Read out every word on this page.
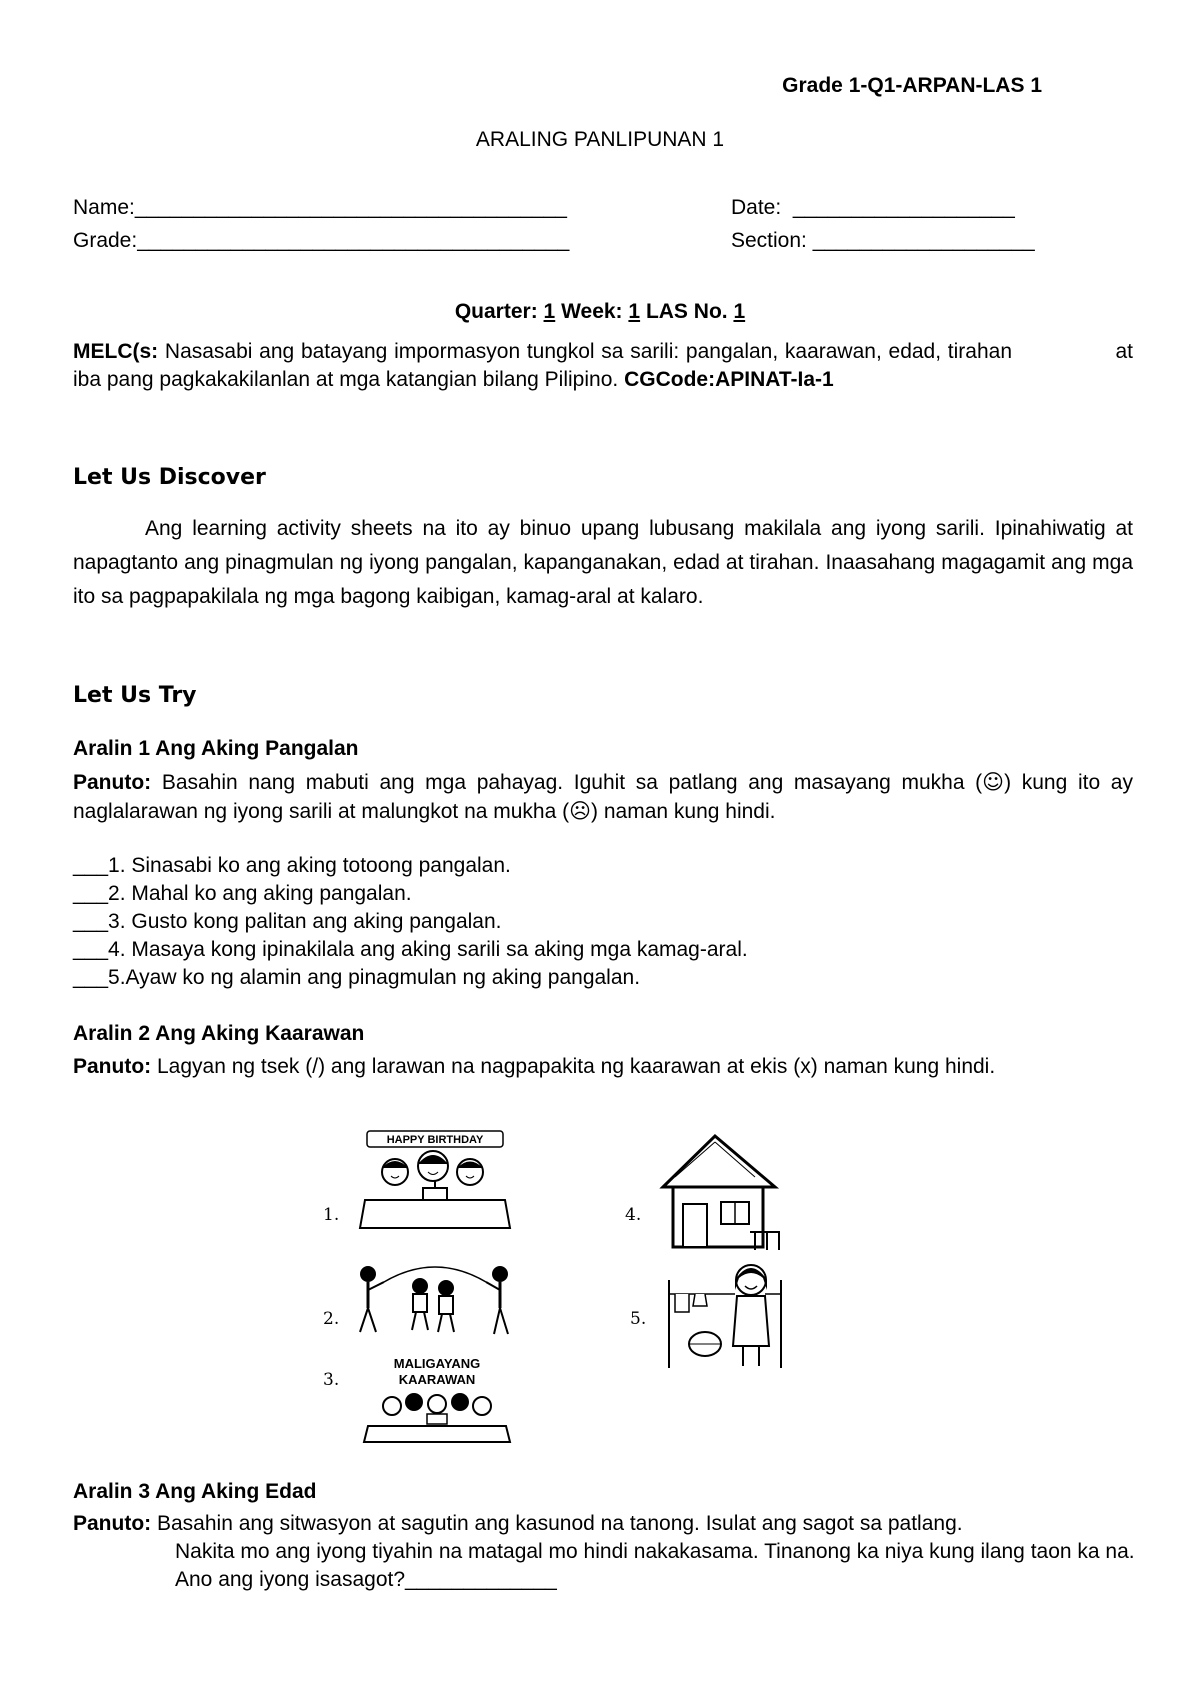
Grade 1-Q1-ARPAN-LAS 1
ARALING PANLIPUNAN 1
Name:_____________________________________	Date: ___________________
Grade:_____________________________________	Section: ___________________
Quarter: 1 Week: 1 LAS No. 1
MELC(s: Nasasabi ang batayang impormasyon tungkol sa sarili: pangalan, kaarawan, edad, tirahan	at iba pang pagkakakilanlan at mga katangian bilang Pilipino. CGCode:APINAT-Ia-1
Let Us Discover
Ang learning activity sheets na ito ay binuo upang lubusang makilala ang iyong sarili. Ipinahiwatig at napagtanto ang pinagmulan ng iyong pangalan, kapanganakan, edad at tirahan. Inaasahang magagamit ang mga ito sa pagpapakilala ng mga bagong kaibigan, kamag-aral at kalaro.
Let Us Try
Aralin 1 Ang Aking Pangalan
Panuto: Basahin nang mabuti ang mga pahayag. Iguhit sa patlang ang masayang mukha (☺) kung ito ay naglalarawan ng iyong sarili at malungkot na mukha (☹) naman kung hindi.
___1. Sinasabi ko ang aking totoong pangalan.
___2. Mahal ko ang aking pangalan.
___3. Gusto kong palitan ang aking pangalan.
___4. Masaya kong ipinakilala ang aking sarili sa aking mga kamag-aral.
___5.Ayaw ko ng alamin ang pinagmulan ng aking pangalan.
Aralin 2 Ang Aking Kaarawan
Panuto: Lagyan ng tsek (/) ang larawan na nagpapakita ng kaarawan at ekis (x) naman kung hindi.
1.
2.
3.
4.
5.
HAPPY BIRTHDAY
MALIGAYANG
KAARAWAN
Aralin 3 Ang Aking Edad
Panuto: Basahin ang sitwasyon at sagutin ang kasunod na tanong. Isulat ang sagot sa patlang.
Nakita mo ang iyong tiyahin na matagal mo hindi nakakasama. Tinanong ka niya kung ilang taon ka na. Ano ang iyong isasagot?_____________
